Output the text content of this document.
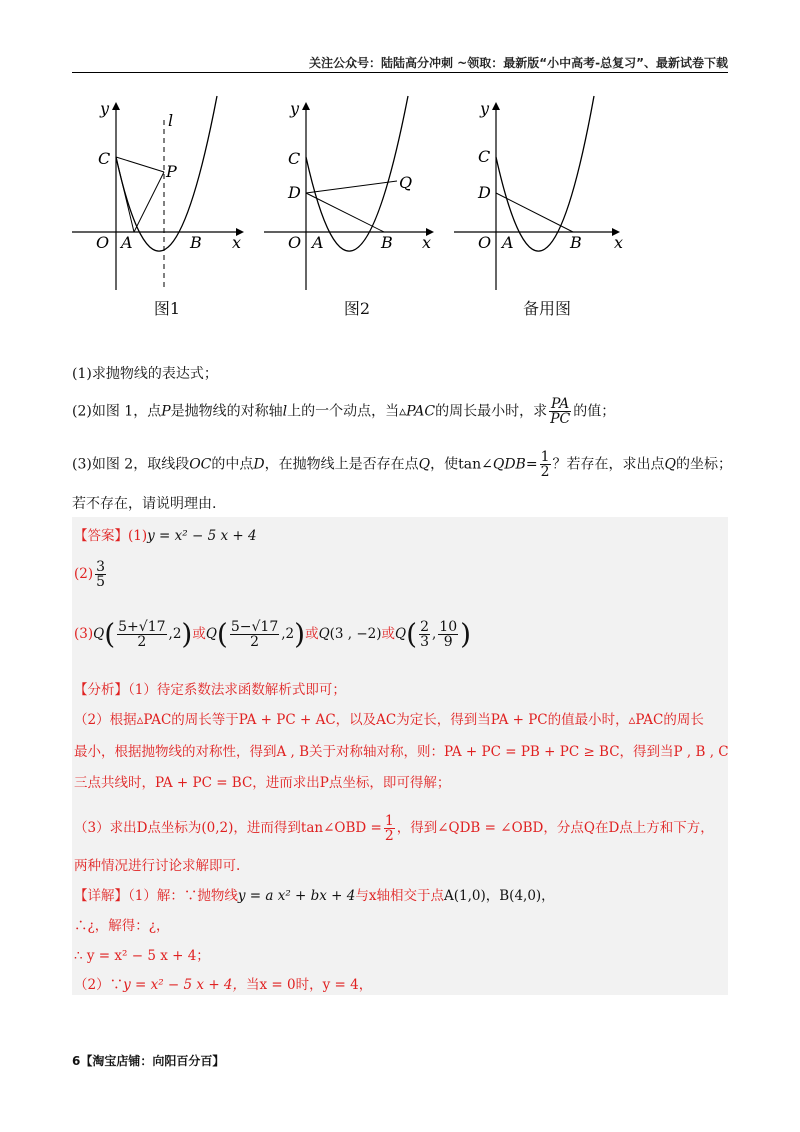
关注公众号：陆陆高分冲刺 ~领取：最新版“小中高考-总复习”、最新试卷下载
y
l
C
P
O A	B x
图1
y
C
D
Q
O A	B x
图2
y
C
D
O A	B x
备用图
(1)求抛物线的表达式；
(2)如图 1，点P是抛物线的对称轴l上的一个动点，当▵PAC的周长最小时，求 $\frac{PA}{PC}$ 的值；
(3)如图 2，取线段OC的中点D，在抛物线上是否存在点Q，使tan∠QDB= $\frac{1}{2}$ ？若存在，求出点Q的坐标；
若不存在，请说明理由.
【答案】(1)y = x² − 5 x + 4
$(2) \frac{3}{5}$
$(3)Q( \frac{5+√17}{2} ,2)$或$Q( \frac{5-√17}{2} ,2)$或Q(3 , −2)或$Q( \frac{2}{3}$ , $\frac{10}{9}$ )
【分析】（1）待定系数法求函数解析式即可；
（2）根据▵PAC的周长等于PA + PC + AC，以及AC为定长，得到当PA + PC的值最小时，▵PAC的周长
最小，根据抛物线的对称性，得到A , B关于对称轴对称，则：PA + PC = PB + PC ≥ BC，得到当P , B , C
三点共线时，PA + PC = BC，进而求出P点坐标，即可得解；
（3）求出D点坐标为(0,2)，进而得到tan∠OBD = $\frac{1}{2}$ ，得到∠QDB = ∠OBD，分点Q在D点上方和下方，
两种情况进行讨论求解即可.
【详解】（1）解：∵抛物线y = a x² + bx + 4与x轴相交于点A(1,0)，B(4,0)，
∴¿，解得：¿，
∴ y = x² − 5 x + 4；
（2）∵y = x² − 5 x + 4，当x = 0时，y = 4，
6【淘宝店铺：向阳百分百】
